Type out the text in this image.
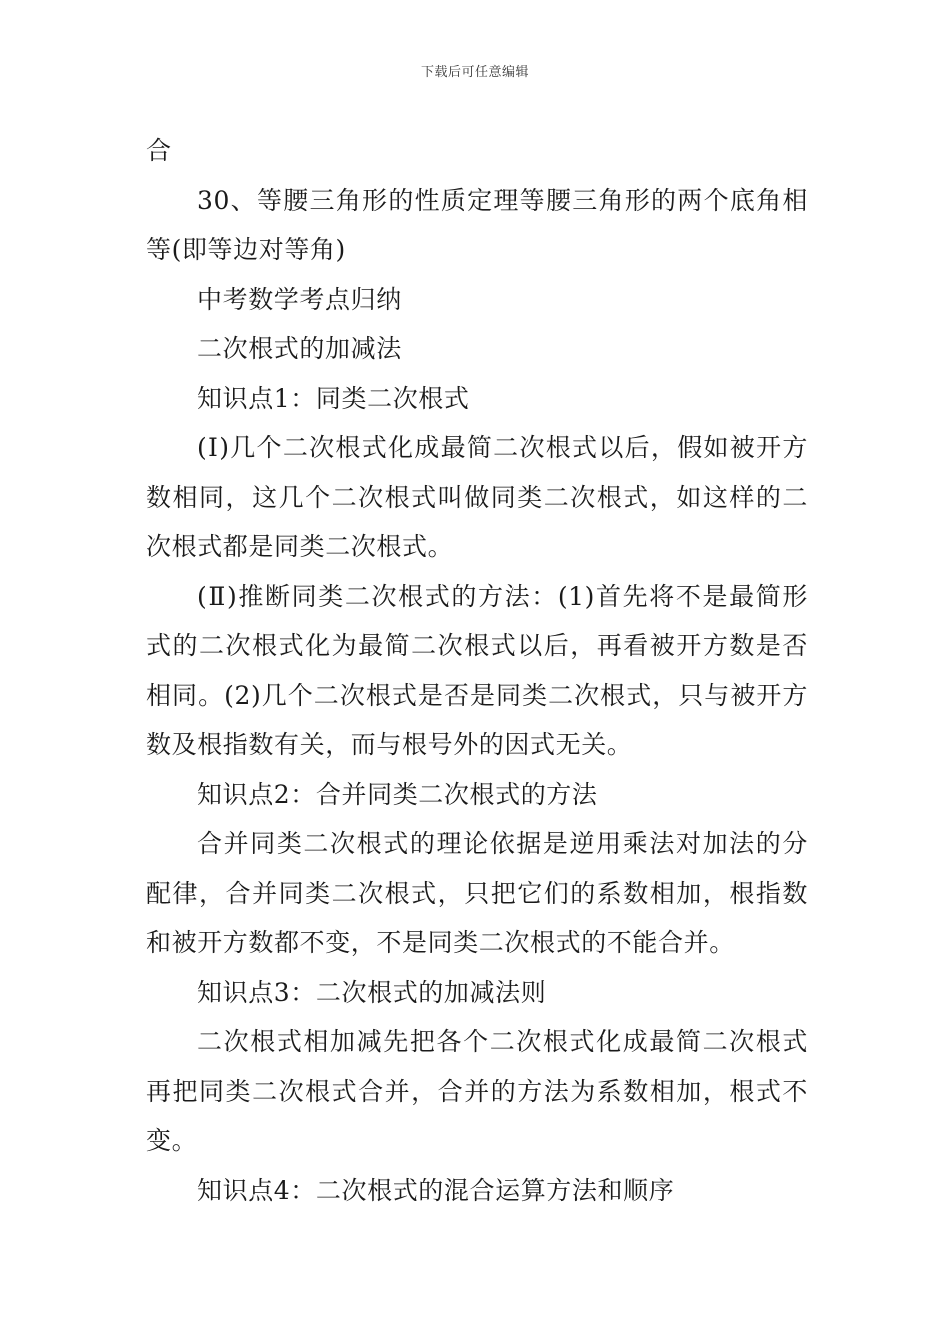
下载后可任意编辑

合

30、等腰三角形的性质定理等腰三角形的两个底角相等(即等边对等角)

中考数学考点归纳

二次根式的加减法

知识点1：同类二次根式

(Ⅰ)几个二次根式化成最简二次根式以后，假如被开方数相同，这几个二次根式叫做同类二次根式，如这样的二次根式都是同类二次根式。

(Ⅱ)推断同类二次根式的方法：(1)首先将不是最简形式的二次根式化为最简二次根式以后，再看被开方数是否相同。(2)几个二次根式是否是同类二次根式，只与被开方数及根指数有关，而与根号外的因式无关。

知识点2：合并同类二次根式的方法

合并同类二次根式的理论依据是逆用乘法对加法的分配律，合并同类二次根式，只把它们的系数相加，根指数和被开方数都不变，不是同类二次根式的不能合并。

知识点3：二次根式的加减法则

二次根式相加减先把各个二次根式化成最简二次根式再把同类二次根式合并，合并的方法为系数相加，根式不变。

知识点4：二次根式的混合运算方法和顺序
